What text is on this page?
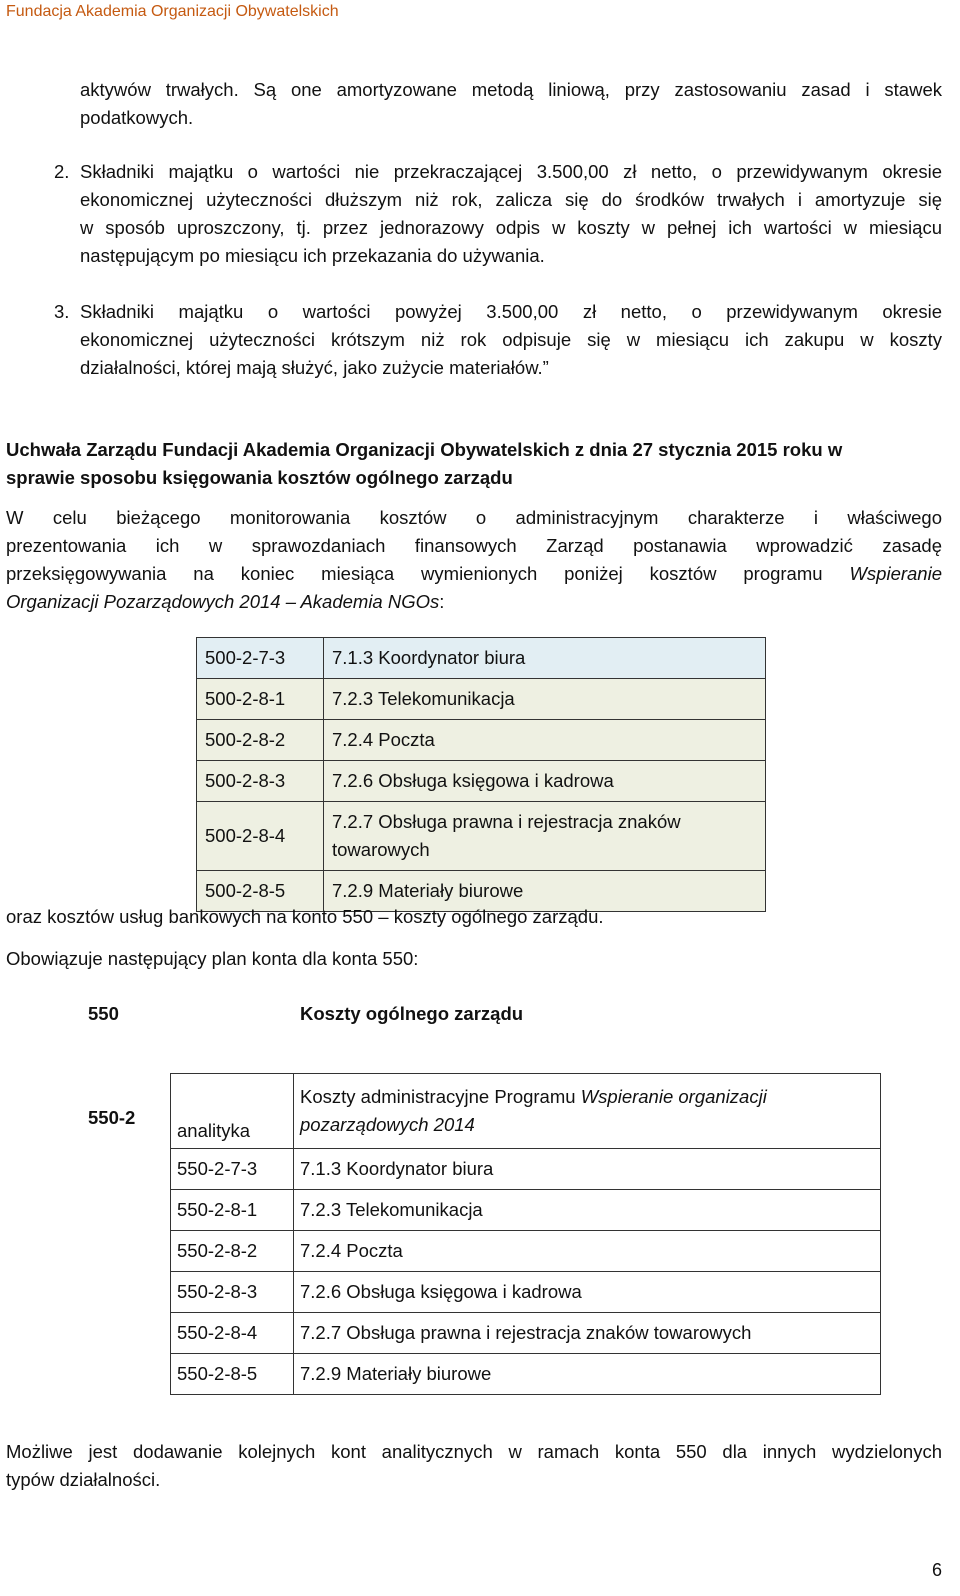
Fundacja Akademia Organizacji Obywatelskich
aktywów trwałych. Są one amortyzowane metodą liniową, przy zastosowaniu zasad i stawek
podatkowych.
2. Składniki majątku o wartości nie przekraczającej 3.500,00 zł netto, o przewidywanym okresie
ekonomicznej użyteczności dłuższym niż rok, zalicza się do środków trwałych i amortyzuje się
w sposób uproszczony, tj. przez jednorazowy odpis w koszty w pełnej ich wartości w miesiącu
następującym po miesiącu ich przekazania do używania.
3. Składniki majątku o wartości powyżej 3.500,00 zł netto, o przewidywanym okresie
ekonomicznej użyteczności krótszym niż rok odpisuje się w miesiącu ich zakupu w koszty
działalności, której mają służyć, jako zużycie materiałów.”
Uchwała Zarządu Fundacji Akademia Organizacji Obywatelskich z dnia 27 stycznia 2015 roku w
sprawie sposobu księgowania kosztów ogólnego zarządu
W celu bieżącego monitorowania kosztów o administracyjnym charakterze i właściwego
prezentowania ich w sprawozdaniach finansowych Zarząd postanawia wprowadzić zasadę
przeksięgowywania na koniec miesiąca wymienionych poniżej kosztów programu Wspieranie
Organizacji Pozarządowych 2014 – Akademia NGOs:
500-2-7-3	7.1.3 Koordynator biura
500-2-8-1	7.2.3 Telekomunikacja
500-2-8-2	7.2.4 Poczta
500-2-8-3	7.2.6 Obsługa księgowa i kadrowa
500-2-8-4	7.2.7 Obsługa prawna i rejestracja znaków
towarowych

500-2-8-5	7.2.9 Materiały biurowe
oraz kosztów usług bankowych na konto 550 – koszty ogólnego zarządu.
Obowiązuje następujący plan konta dla konta 550:
550	Koszty ogólnego zarządu
550-2
analityka	Koszty administracyjne Programu Wspieranie organizacji
pozarządowych 2014

550-2-7-3	7.1.3 Koordynator biura
550-2-8-1	7.2.3 Telekomunikacja
550-2-8-2	7.2.4 Poczta
550-2-8-3	7.2.6 Obsługa księgowa i kadrowa
550-2-8-4	7.2.7 Obsługa prawna i rejestracja znaków towarowych
550-2-8-5	7.2.9 Materiały biurowe
Możliwe jest dodawanie kolejnych kont analitycznych w ramach konta 550 dla innych wydzielonych
typów działalności.
6
